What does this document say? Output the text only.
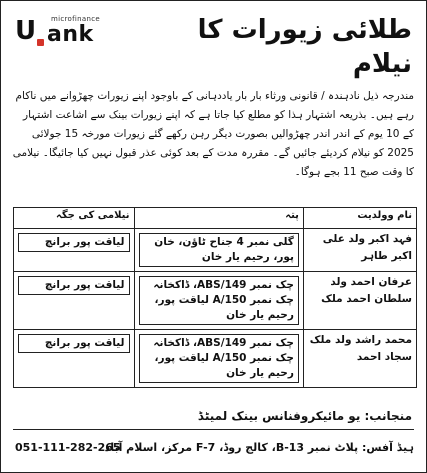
microfinance
U ank	طلائی زیورات کا نیلام
مندرجہ ذیل نادہندہ / قانونی ورثاء بار بار یاددہانی کے باوجود اپنے زیورات چھڑوانے میں ناکام رہے ہیں۔ بذریعہ اشتہار ہذا کو مطلع کیا جاتا ہے کہ اپنے زیورات بینک سے اشاعت اشتہار کے 10 یوم کے اندر اندر چھڑوالیں بصورت دیگر رہن رکھے گئے زیورات مورخہ 15 جولائی 2025 کو نیلام کردیئے جائیں گے۔ مقررہ مدت کے بعد کوئی عذر قبول نہیں کیا جائیگا۔ نیلامی کا وقت صبح 11 بجے ہوگا۔
نام وولدیت	پتہ	نیلامی کی جگہ

فہد اکبر ولد علی اکبر طاہر	گلی نمبر 4 جناح ٹاؤن، خان پور، رحیم یار خان	لیاقت پور برانچ

عرفان احمد ولد سلطان احمد ملک	چک نمبر 149/ABS، ڈاکخانہ چک نمبر 150/A لیاقت پور، رحیم یار خان	لیاقت پور برانچ

محمد راشد ولد ملک سجاد احمد	چک نمبر 149/ABS، ڈاکخانہ چک نمبر 150/A لیاقت پور، رحیم یار خان	لیاقت پور برانچ
منجانب: یو مائیکروفنانس بینک لمیٹڈ
ہیڈ آفس: پلاٹ نمبر B-13، کالج روڈ، F-7 مرکز، اسلام آباد
051-111-282-265
